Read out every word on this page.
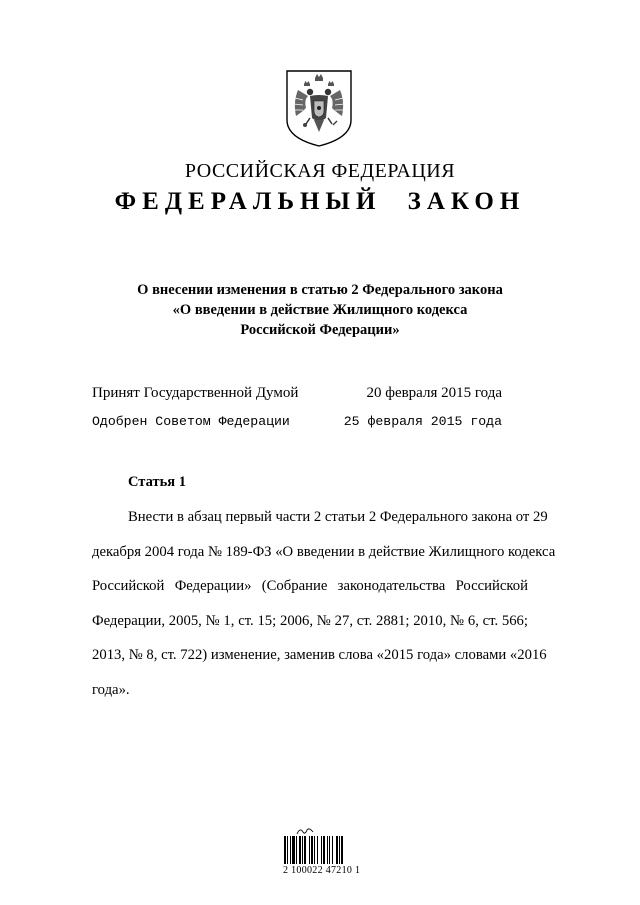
РОССИЙСКАЯ ФЕДЕРАЦИЯ
ФЕДЕРАЛЬНЫЙ ЗАКОН
О внесении изменения в статью 2 Федерального закона
«О введении в действие Жилищного кодекса
Российской Федерации»
Принят Государственной Думой	20 февраля 2015 года
Одобрен Советом Федерации	25 февраля 2015 года
Статья 1
Внести в абзац первый части 2 статьи 2 Федерального закона от 29
декабря 2004 года № 189-ФЗ «О введении в действие Жилищного кодекса
Российской Федерации» (Собрание законодательства Российской
Федерации, 2005, № 1, ст. 15; 2006, № 27, ст. 2881; 2010, № 6, ст. 566;
2013, № 8, ст. 722) изменение, заменив слова «2015 года» словами «2016
года».
2 100022 47210 1
